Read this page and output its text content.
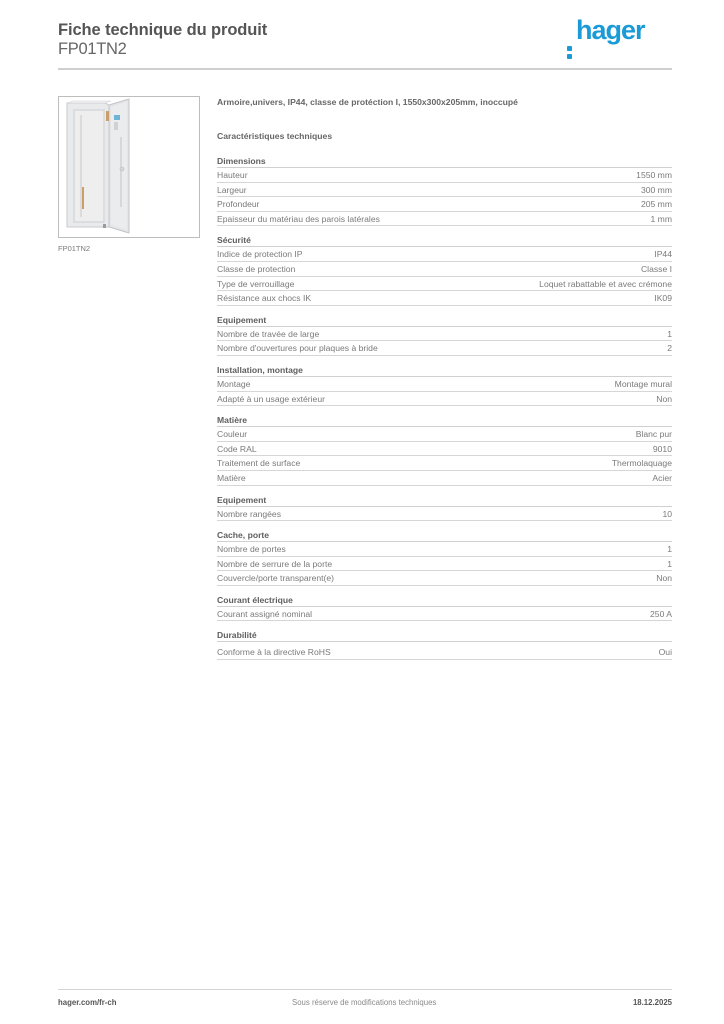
Fiche technique du produit
FP01TN2
hager
FP01TN2
Armoire,univers, IP44, classe de protéction I, 1550x300x205mm, inoccupé
Caractéristiques techniques
Dimensions
Hauteur	1550 mm
Largeur	300 mm
Profondeur	205 mm
Epaisseur du matériau des parois latérales	1 mm
Sécurité
Indice de protection IP	IP44
Classe de protection	Classe I
Type de verrouillage	Loquet rabattable et avec crémone
Résistance aux chocs IK	IK09
Equipement
Nombre de travée de large	1
Nombre d'ouvertures pour plaques à bride	2
Installation, montage
Montage	Montage mural
Adapté à un usage extérieur	Non
Matière
Couleur	Blanc pur
Code RAL	9010
Traitement de surface	Thermolaquage
Matière	Acier
Equipement
Nombre rangées	10
Cache, porte
Nombre de portes	1
Nombre de serrure de la porte	1
Couvercle/porte transparent(e)	Non
Courant électrique
Courant assigné nominal	250 A
Durabilité
Conforme à la directive RoHS	Oui
hager.com/fr-ch	Sous réserve de modifications techniques	18.12.2025
